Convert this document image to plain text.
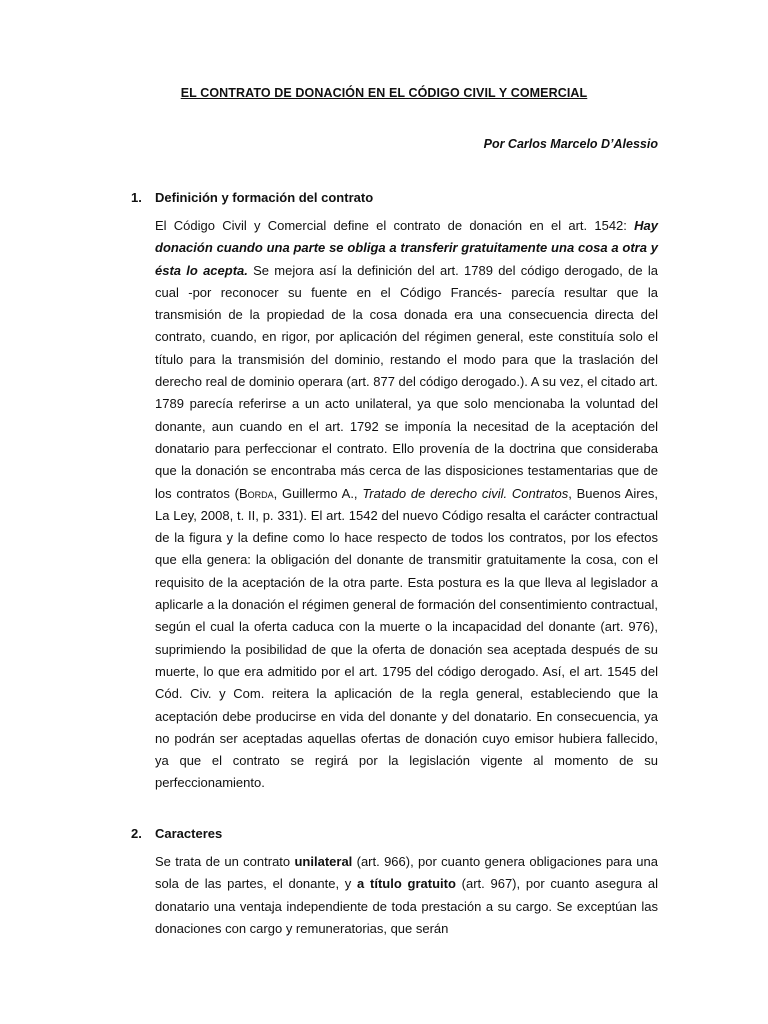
EL CONTRATO DE DONACIÓN EN EL CÓDIGO CIVIL Y COMERCIAL
Por Carlos Marcelo D’Alessio
1. Definición y formación del contrato

El Código Civil y Comercial define el contrato de donación en el art. 1542: Hay donación cuando una parte se obliga a transferir gratuitamente una cosa a otra y ésta lo acepta. Se mejora así la definición del art. 1789 del código derogado, de la cual -por reconocer su fuente en el Código Francés- parecía resultar que la transmisión de la propiedad de la cosa donada era una consecuencia directa del contrato, cuando, en rigor, por aplicación del régimen general, este constituía solo el título para la transmisión del dominio, restando el modo para que la traslación del derecho real de dominio operara (art. 877 del código derogado.). A su vez, el citado art. 1789 parecía referirse a un acto unilateral, ya que solo mencionaba la voluntad del donante, aun cuando en el art. 1792 se imponía la necesitad de la aceptación del donatario para perfeccionar el contrato. Ello provenía de la doctrina que consideraba que la donación se encontraba más cerca de las disposiciones testamentarias que de los contratos (Borda, Guillermo A., Tratado de derecho civil. Contratos, Buenos Aires, La Ley, 2008, t. II, p. 331). El art. 1542 del nuevo Código resalta el carácter contractual de la figura y la define como lo hace respecto de todos los contratos, por los efectos que ella genera: la obligación del donante de transmitir gratuitamente la cosa, con el requisito de la aceptación de la otra parte. Esta postura es la que lleva al legislador a aplicarle a la donación el régimen general de formación del consentimiento contractual, según el cual la oferta caduca con la muerte o la incapacidad del donante (art. 976), suprimiendo la posibilidad de que la oferta de donación sea aceptada después de su muerte, lo que era admitido por el art. 1795 del código derogado. Así, el art. 1545 del Cód. Civ. y Com. reitera la aplicación de la regla general, estableciendo que la aceptación debe producirse en vida del donante y del donatario. En consecuencia, ya no podrán ser aceptadas aquellas ofertas de donación cuyo emisor hubiera fallecido, ya que el contrato se regirá por la legislación vigente al momento de su perfeccionamiento.

2. Caracteres

Se trata de un contrato unilateral (art. 966), por cuanto genera obligaciones para una sola de las partes, el donante, y a título gratuito (art. 967), por cuanto asegura al donatario una ventaja independiente de toda prestación a su cargo. Se exceptúan las donaciones con cargo y remuneratorias, que serán
